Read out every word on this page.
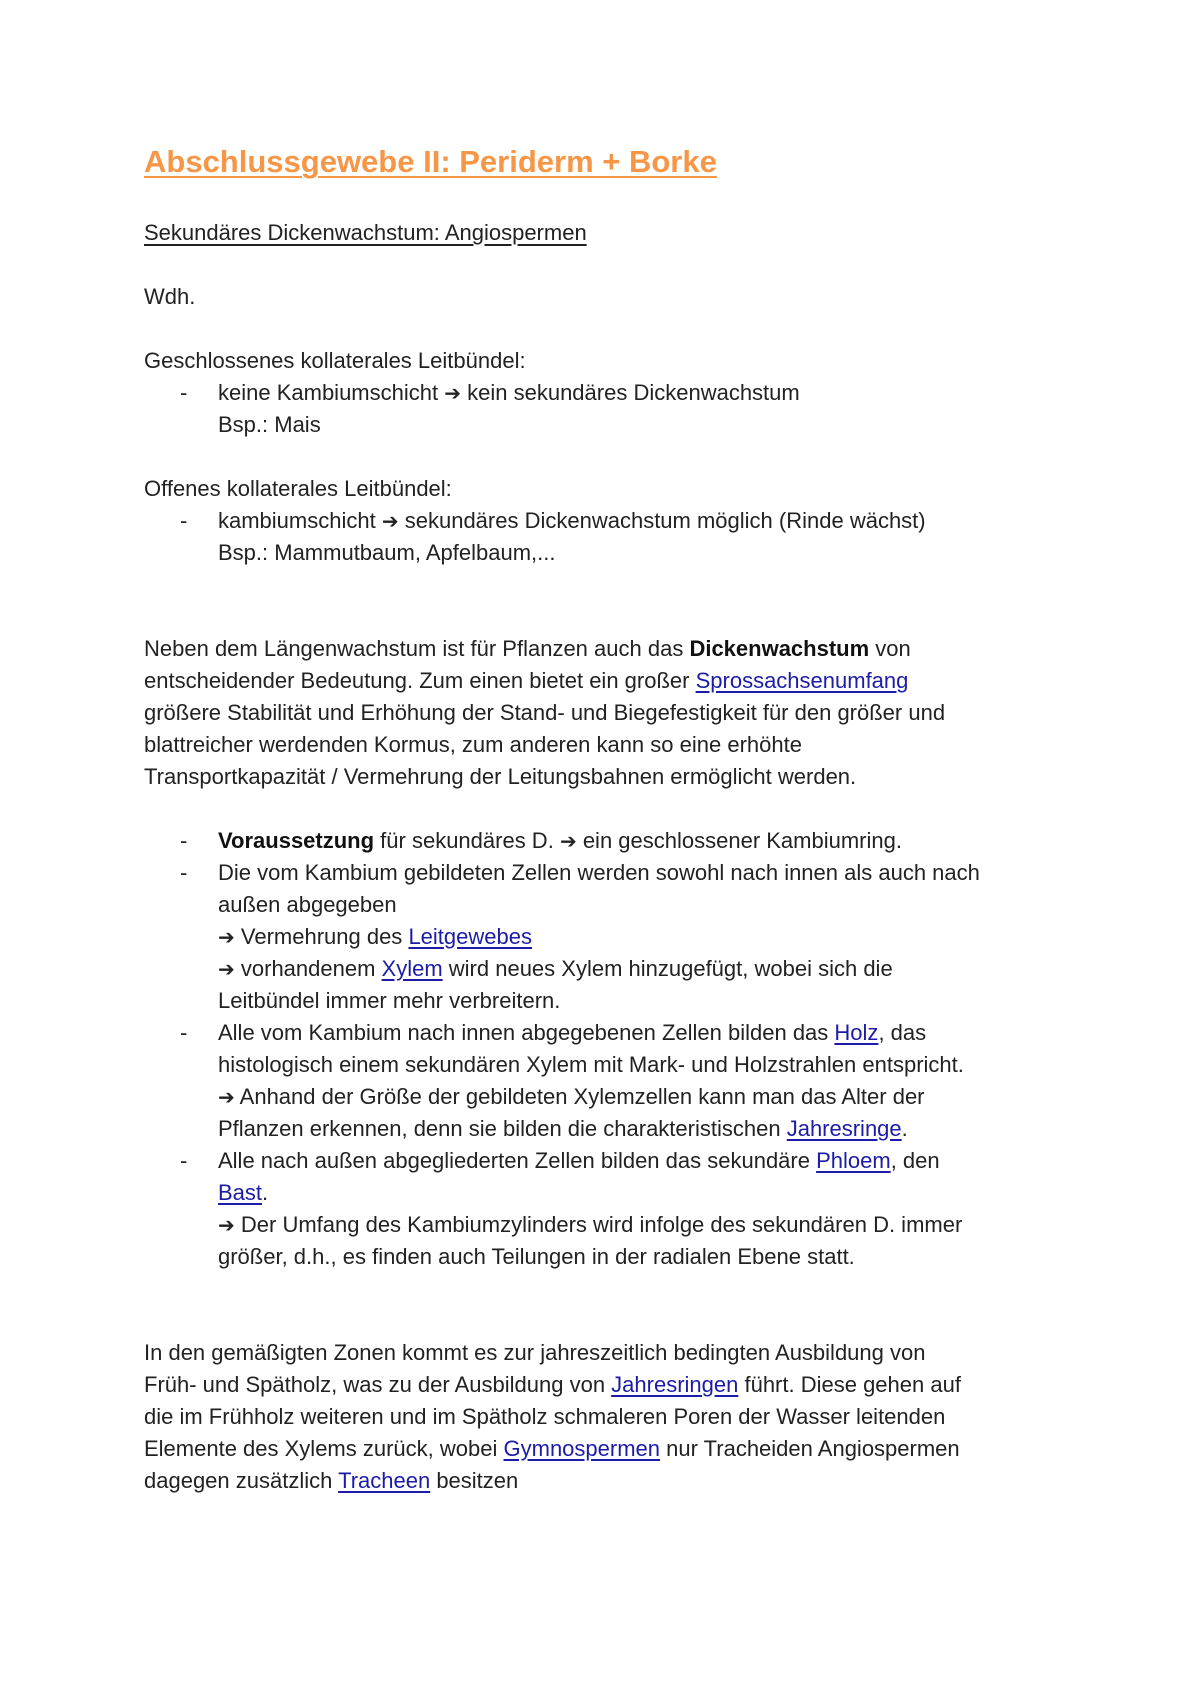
Abschlussgewebe II: Periderm + Borke
Sekundäres Dickenwachstum: Angiospermen
Wdh.
Geschlossenes kollaterales Leitbündel:
- keine Kambiumschicht ➔ kein sekundäres Dickenwachstum
Bsp.: Mais
Offenes kollaterales Leitbündel:
- kambiumschicht ➔ sekundäres Dickenwachstum möglich (Rinde wächst)
Bsp.: Mammutbaum, Apfelbaum,...
Neben dem Längenwachstum ist für Pflanzen auch das Dickenwachstum von
entscheidender Bedeutung. Zum einen bietet ein großer Sprossachsenumfang
größere Stabilität und Erhöhung der Stand- und Biegefestigkeit für den größer und
blattreicher werdenden Kormus, zum anderen kann so eine erhöhte
Transportkapazität / Vermehrung der Leitungsbahnen ermöglicht werden.
- Voraussetzung für sekundäres D. ➔ ein geschlossener Kambiumring.
- Die vom Kambium gebildeten Zellen werden sowohl nach innen als auch nach
außen abgegeben
➔ Vermehrung des Leitgewebes
➔ vorhandenem Xylem wird neues Xylem hinzugefügt, wobei sich die
Leitbündel immer mehr verbreitern.
- Alle vom Kambium nach innen abgegebenen Zellen bilden das Holz, das
histologisch einem sekundären Xylem mit Mark- und Holzstrahlen entspricht.
➔ Anhand der Größe der gebildeten Xylemzellen kann man das Alter der
Pflanzen erkennen, denn sie bilden die charakteristischen Jahresringe.
- Alle nach außen abgegliederten Zellen bilden das sekundäre Phloem, den
Bast.
➔ Der Umfang des Kambiumzylinders wird infolge des sekundären D. immer
größer, d.h., es finden auch Teilungen in der radialen Ebene statt.
In den gemäßigten Zonen kommt es zur jahreszeitlich bedingten Ausbildung von
Früh- und Spätholz, was zu der Ausbildung von Jahresringen führt. Diese gehen auf
die im Frühholz weiteren und im Spätholz schmaleren Poren der Wasser leitenden
Elemente des Xylems zurück, wobei Gymnospermen nur Tracheiden Angiospermen
dagegen zusätzlich Tracheen besitzen
